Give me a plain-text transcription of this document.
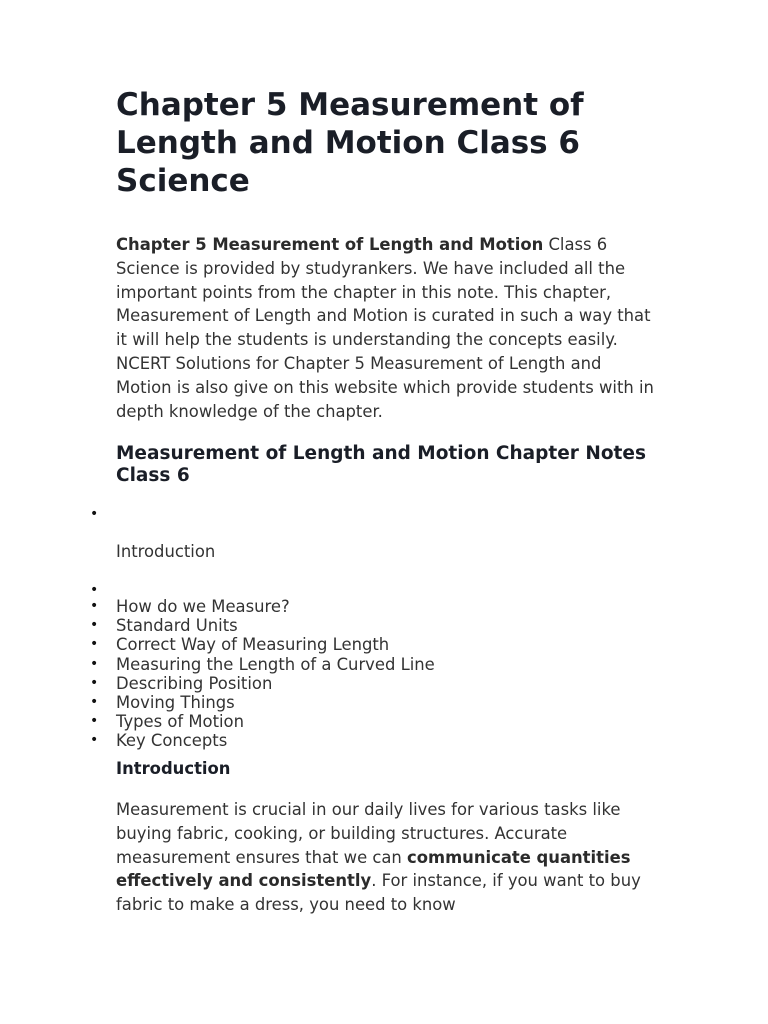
Chapter 5 Measurement of Length and Motion Class 6 Science

Chapter 5 Measurement of Length and Motion Class 6 Science is provided by studyrankers. We have included all the important points from the chapter in this note. This chapter, Measurement of Length and Motion is curated in such a way that it will help the students is understanding the concepts easily. NCERT Solutions for Chapter 5 Measurement of Length and Motion is also give on this website which provide students with in depth knowledge of the chapter.

Measurement of Length and Motion Chapter Notes Class 6
•
Introduction
•
• How do we Measure?
• Standard Units
• Correct Way of Measuring Length
• Measuring the Length of a Curved Line
• Describing Position
• Moving Things
• Types of Motion
• Key Concepts
Introduction

Measurement is crucial in our daily lives for various tasks like buying fabric, cooking, or building structures. Accurate measurement ensures that we can communicate quantities effectively and consistently. For instance, if you want to buy fabric to make a dress, you need to know
